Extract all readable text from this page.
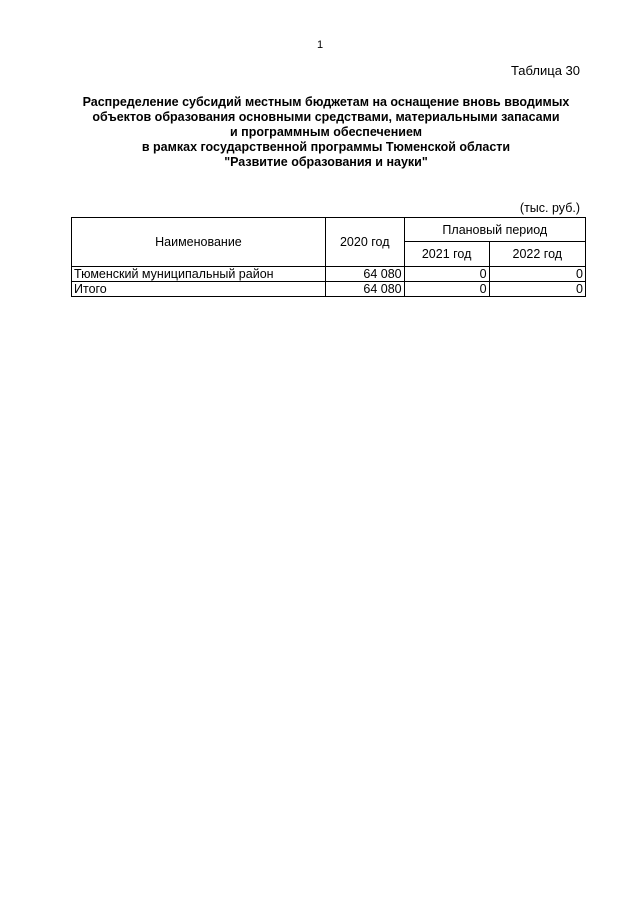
1
Таблица 30
Распределение субсидий местным бюджетам на оснащение вновь вводимых
объектов образования основными средствами, материальными запасами
и программным обеспечением
в рамках государственной программы Тюменской области
"Развитие образования и науки"
(тыс. руб.)
Наименование	2020 год	Плановый период	
		2021 год	2022 год
Тюменский муниципальный район	64 080	0	0
Итого	64 080	0	0
